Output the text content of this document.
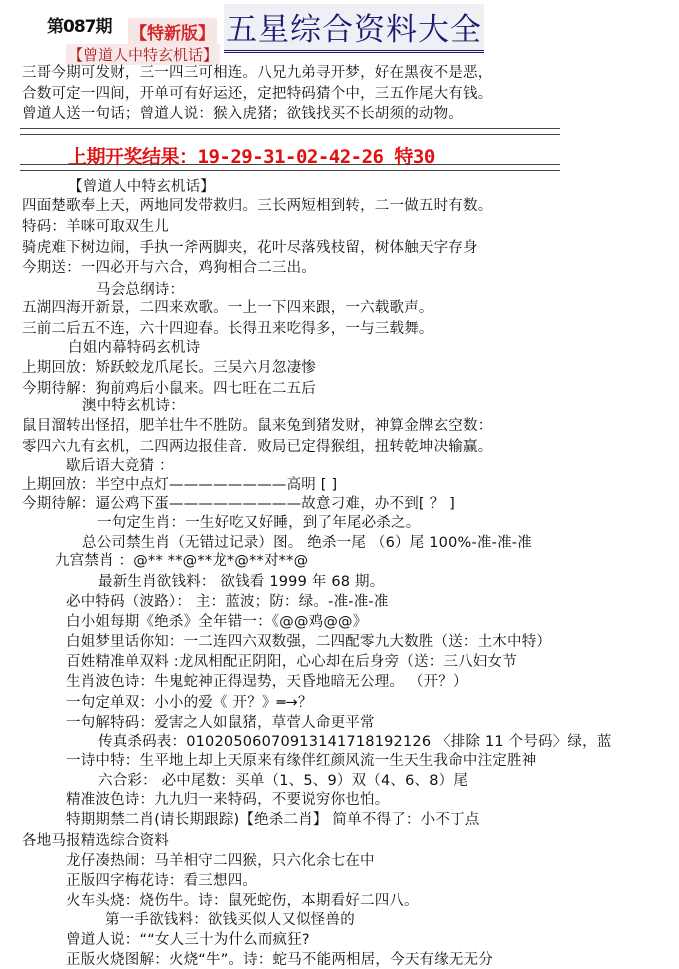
第087期 【特新版】 五星综合资料大全
【曾道人中特玄机话】
三哥今期可发财，三一四三可相连。八兄九弟寻开梦，好在黑夜不是恶，
合数可定一四间，开单可有好运还，定把特码猜个中，三五作尾大有钱。
曾道人送一句话；曾道人说：猴入虎猪；欲钱找买不长胡须的动物。
上期开奖结果：19-29-31-02-42-26 特30
【曾道人中特玄机话】
四面楚歌奉上天，两地同发带救归。三长两短相到转，二一做五时有数。
特码：羊咪可取双生儿
骑虎难下树边闹，手执一斧两脚夹，花叶尽落残枝留，树体触天字存身
今期送：一四必开与六合，鸡狗相合二三出。
马会总纲诗：
五湖四海开新景，二四来欢歌。一上一下四来跟，一六载歌声。
三前二后五不连，六十四迎春。长得丑来吃得多，一与三载舞。
白姐内幕特码玄机诗
上期回放：矫跃蛟龙爪尾长。三吴六月忽凄惨
今期待解：狗前鸡后小鼠来。四七旺在二五后
澳中特玄机诗：
鼠目溜转出怪招，肥羊壮牛不胜防。鼠来兔到猪发财，神算金牌玄空数：
零四六九有玄机，二四两边报佳音．败局已定得猴组，扭转乾坤决输赢。
歇后语大竞猜 ：
上期回放：半空中点灯————————高明 [ ]
今期待解：逼公鸡下蛋—————————故意刁难，办不到[ ？ ]
一句定生肖：一生好吃又好睡，到了年尾必杀之。
总公司禁生肖（无错过记录）图。 绝杀一尾 （6）尾 100%-准-准-准
九宫禁肖 ：@** **@**龙*@**对**@
最新生肖欲钱料： 欲钱看 1999 年 68 期。
必中特码（波路）： 主：蓝波；防：绿。-准-准-准
白小姐每期《绝杀》全年错一：《@@鸡@@》
白姐梦里话你知：一二连四六双数强，二四配零九大数胜（送：土木中特）
百姓精准单双料 :龙凤相配正阴阳，心心却在后身旁（送：三八妇女节
生肖波色诗：牛鬼蛇神正得逞势，天昏地暗无公理。 （开？）
一句定单双：小小的爱《 开？》═→？
一句解特码：爱害之人如鼠猪，草菅人命更平常
传真杀码表：01020506070913141718192126 〈排除 11 个号码〉绿，蓝
一诗中特：生平地上却上天原来有缘伴红颜风流一生天生我命中注定胜神
六合彩： 必中尾数：买单（1、5、9）双（4、6、8）尾
精准波色诗：九九归一来特码，不要说穷你也怕。
特期期禁二肖(请长期跟踪)【绝杀二肖】 简单不得了：小不丁点
各地马报精选综合资料
龙仔凑热闹：马羊相守二四猴，只六化余七在中
正版四字梅花诗：看三想四。
火车头烧：烧伤牛。诗：鼠死蛇伤，本期看好二四八。
第一手欲钱料：欲钱买似人又似怪兽的
曾道人说：““女人三十为什么而疯狂?
正版火烧图解：火烧“牛”。诗：蛇马不能两相居，今天有缘无无分
